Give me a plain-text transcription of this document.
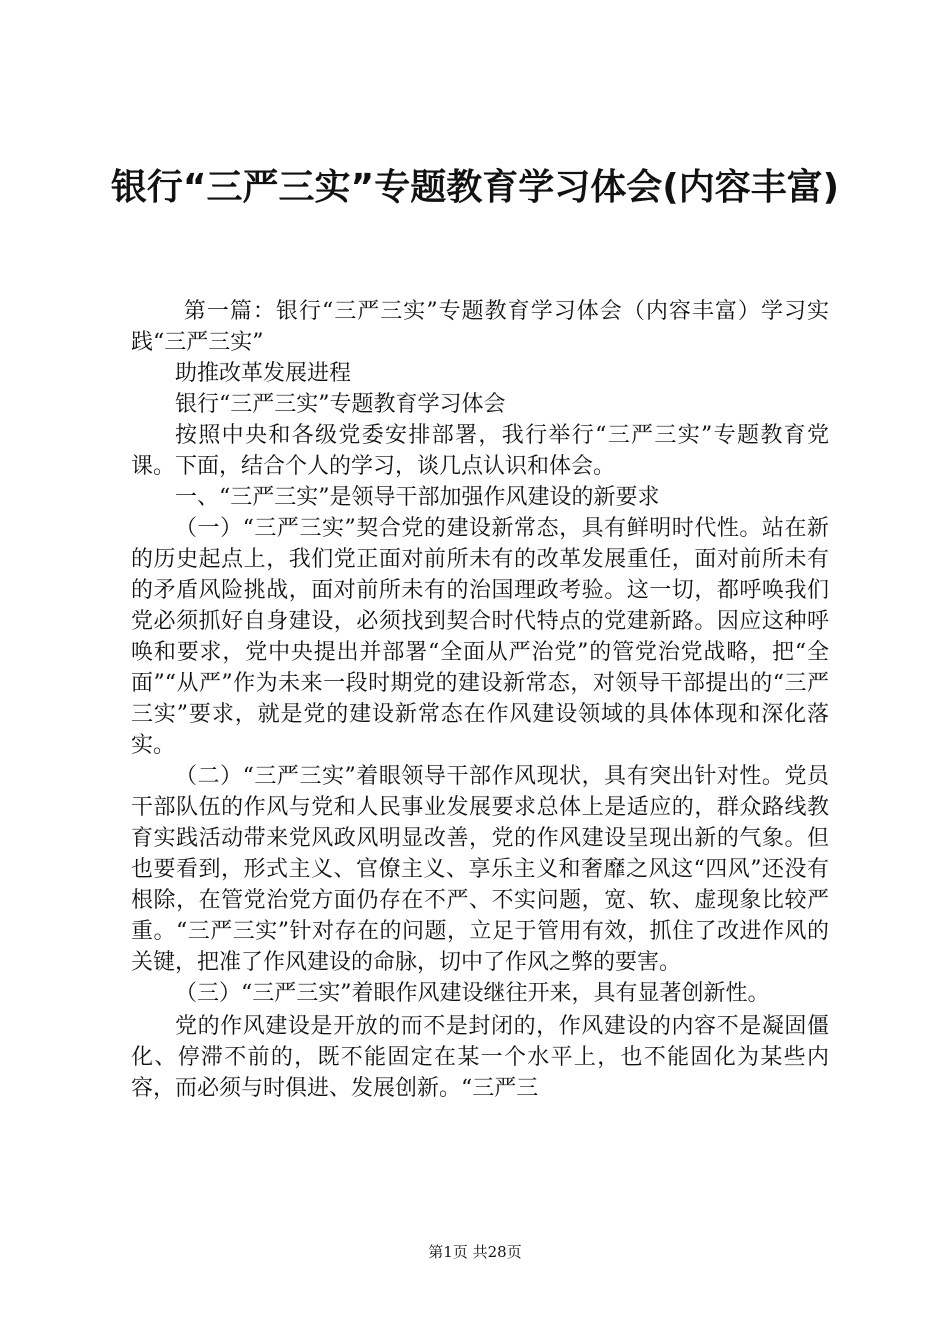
银行“三严三实”专题教育学习体会(内容丰富)

第一篇：银行“三严三实”专题教育学习体会（内容丰富）学习实践“三严三实”

助推改革发展进程

银行“三严三实”专题教育学习体会

按照中央和各级党委安排部署，我行举行“三严三实”专题教育党课。下面，结合个人的学习，谈几点认识和体会。

一、“三严三实”是领导干部加强作风建设的新要求

（一）“三严三实”契合党的建设新常态，具有鲜明时代性。站在新的历史起点上，我们党正面对前所未有的改革发展重任，面对前所未有的矛盾风险挑战，面对前所未有的治国理政考验。这一切，都呼唤我们党必须抓好自身建设，必须找到契合时代特点的党建新路。因应这种呼唤和要求，党中央提出并部署“全面从严治党”的管党治党战略，把“全面”“从严”作为未来一段时期党的建设新常态，对领导干部提出的“三严三实”要求，就是党的建设新常态在作风建设领域的具体体现和深化落实。

（二）“三严三实”着眼领导干部作风现状，具有突出针对性。党员干部队伍的作风与党和人民事业发展要求总体上是适应的，群众路线教育实践活动带来党风政风明显改善，党的作风建设呈现出新的气象。但也要看到，形式主义、官僚主义、享乐主义和奢靡之风这“四风”还没有根除，在管党治党方面仍存在不严、不实问题，宽、软、虚现象比较严重。“三严三实”针对存在的问题，立足于管用有效，抓住了改进作风的关键，把准了作风建设的命脉，切中了作风之弊的要害。

（三）“三严三实”着眼作风建设继往开来，具有显著创新性。

党的作风建设是开放的而不是封闭的，作风建设的内容不是凝固僵化、停滞不前的，既不能固定在某一个水平上，也不能固化为某些内容，而必须与时俱进、发展创新。“三严三

第1页 共28页
